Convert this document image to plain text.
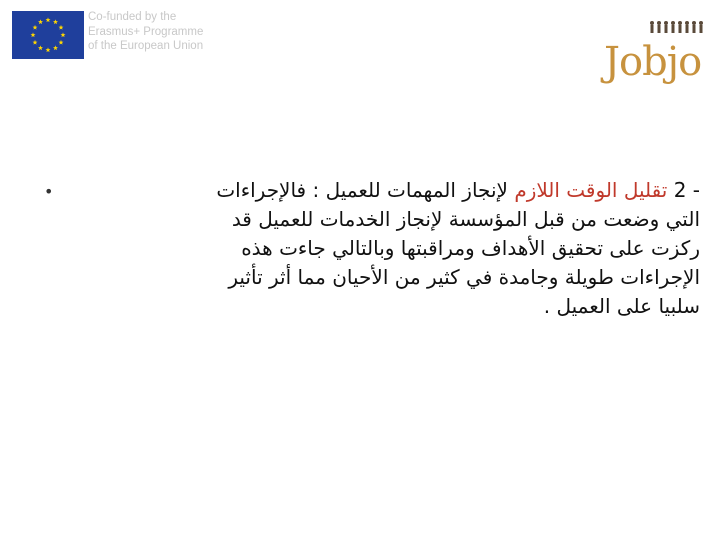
Co-funded by the
Erasmus+ Programme
of the European Union	Jobjo
•	2 - تقليل الوقت اللازم لإنجاز المهمات للعميل : فالإجراءات
التي وضعت من قبل المؤسسة لإنجاز الخدمات للعميل قد
ركزت على تحقيق الأهداف ومراقبتها وبالتالي جاءت هذه
الإجراءات طويلة وجامدة في كثير من الأحيان مما أثر تأثير
سلبيا على العميل .
